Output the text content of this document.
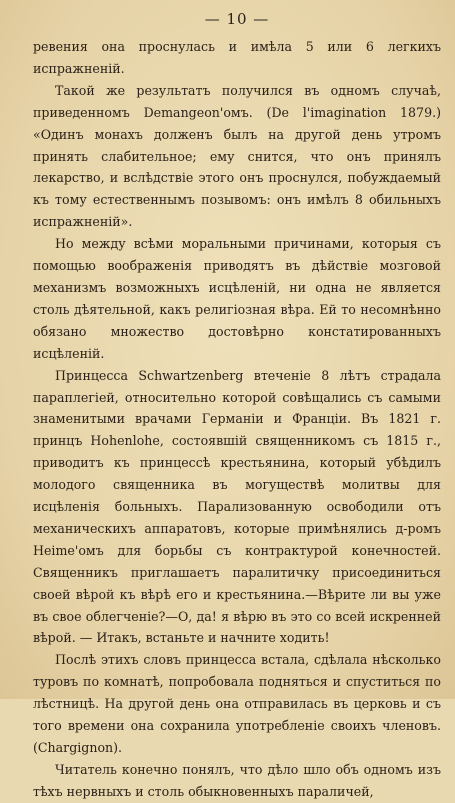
— 10 —

ревения она проснулась и имѣла 5 или 6 легкихъ испражненій.

Такой же результатъ получился въ одномъ случаѣ, приведенномъ Demangeon'омъ. (De l'imagination 1879.) «Одинъ монахъ долженъ былъ на другой день утромъ принять слабительное; ему снится, что онъ принялъ лекарство, и вслѣдствіе этого онъ проснулся, побуждаемый къ тому естественнымъ позывомъ: онъ имѣлъ 8 обильныхъ испражненій».

Но между всѣми моральными причинами, которыя съ помощью воображенія приводятъ въ дѣйствіе мозговой механизмъ возможныхъ исцѣленій, ни одна не является столь дѣятельной, какъ религіозная вѣра. Ей то несомнѣнно обязано множество достовѣрно констатированныхъ исцѣленій.

Принцесса Schwartzenberg втеченіе 8 лѣтъ страдала параплегіей, относительно которой совѣщались съ самыми знаменитыми врачами Германіи и Франціи. Въ 1821 г. принцъ Hohenlohe, состоявшій священникомъ съ 1815 г., приводитъ къ принцессѣ крестьянина, который убѣдилъ молодого священника въ могуществѣ молитвы для исцѣленія больныхъ. Парализованную освободили отъ механическихъ аппаратовъ, которые примѣнялись д-ромъ Heime'омъ для борьбы съ контрактурой конечностей. Священникъ приглашаетъ паралитичку присоединиться своей вѣрой къ вѣрѣ его и крестьянина.—Вѣрите ли вы уже въ свое облегченіе?—О, да! я вѣрю въ это со всей искренней вѣрой. — Итакъ, встаньте и начните ходить!

Послѣ этихъ словъ принцесса встала, сдѣлала нѣсколько туровъ по комнатѣ, попробовала подняться и спуститься по лѣстницѣ. На другой день она отправилась въ церковь и съ того времени она сохранила употребленіе своихъ членовъ. (Chargignon).

Читатель конечно понялъ, что дѣло шло объ одномъ изъ тѣхъ нервныхъ и столь обыкновенныхъ параличей,
